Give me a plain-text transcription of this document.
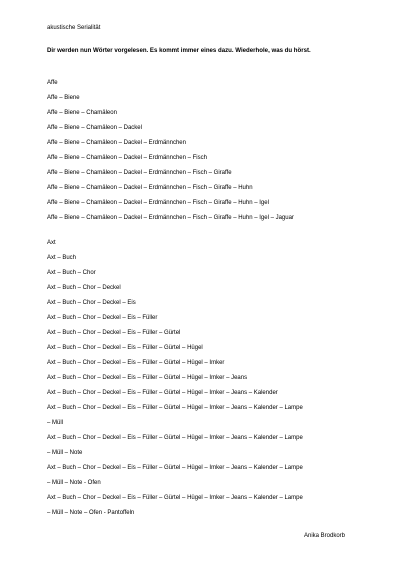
akustische Serialität
Dir werden nun Wörter vorgelesen. Es kommt immer eines dazu. Wiederhole, was du hörst.
Affe
Affe – Biene
Affe – Biene – Chamäleon
Affe – Biene – Chamäleon – Dackel
Affe – Biene – Chamäleon – Dackel – Erdmännchen
Affe – Biene – Chamäleon – Dackel – Erdmännchen – Fisch
Affe – Biene – Chamäleon – Dackel – Erdmännchen – Fisch – Giraffe
Affe – Biene – Chamäleon – Dackel – Erdmännchen – Fisch – Giraffe – Huhn
Affe – Biene – Chamäleon – Dackel – Erdmännchen – Fisch – Giraffe – Huhn – Igel
Affe – Biene – Chamäleon – Dackel – Erdmännchen – Fisch – Giraffe – Huhn – Igel – Jaguar
Axt
Axt – Buch
Axt – Buch – Chor
Axt – Buch – Chor – Deckel
Axt – Buch – Chor – Deckel – Eis
Axt – Buch – Chor – Deckel – Eis – Füller
Axt – Buch – Chor – Deckel – Eis – Füller – Gürtel
Axt – Buch – Chor – Deckel – Eis – Füller – Gürtel – Hügel
Axt – Buch – Chor – Deckel – Eis – Füller – Gürtel – Hügel – Imker
Axt – Buch – Chor – Deckel – Eis – Füller – Gürtel – Hügel – Imker – Jeans
Axt – Buch – Chor – Deckel – Eis – Füller – Gürtel – Hügel – Imker – Jeans – Kalender
Axt – Buch – Chor – Deckel – Eis – Füller – Gürtel – Hügel – Imker – Jeans – Kalender – Lampe
– Müll
Axt – Buch – Chor – Deckel – Eis – Füller – Gürtel – Hügel – Imker – Jeans – Kalender – Lampe
– Müll – Note
Axt – Buch – Chor – Deckel – Eis – Füller – Gürtel – Hügel – Imker – Jeans – Kalender – Lampe
– Müll – Note - Ofen
Axt – Buch – Chor – Deckel – Eis – Füller – Gürtel – Hügel – Imker – Jeans – Kalender – Lampe
– Müll – Note – Ofen - Pantoffeln
Anika Brodkorb
